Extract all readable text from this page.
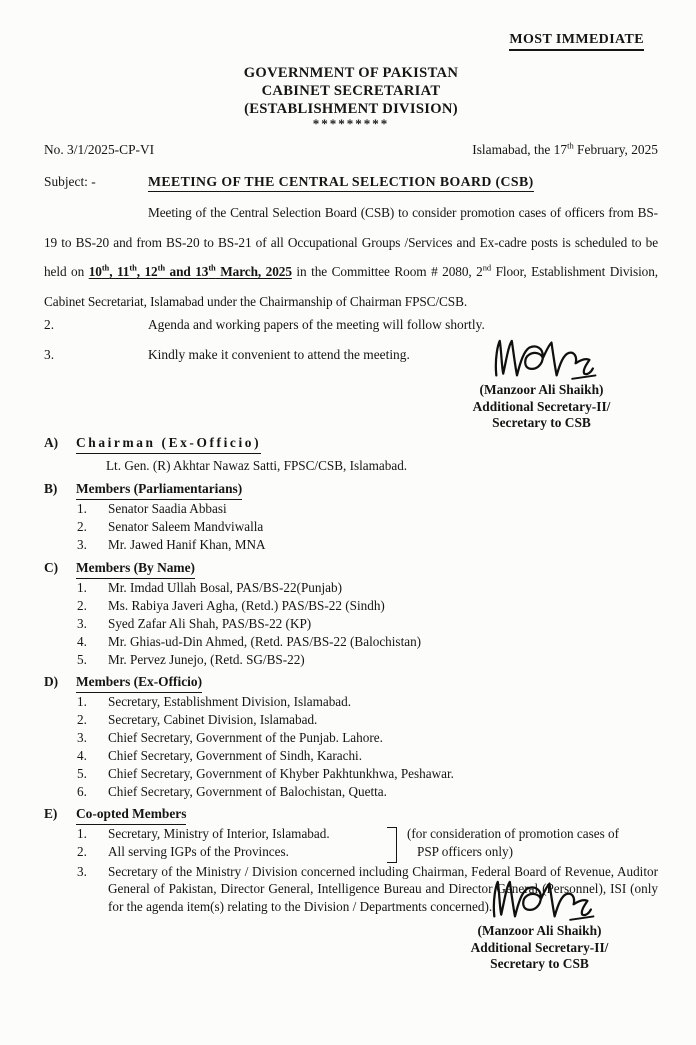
MOST IMMEDIATE
GOVERNMENT OF PAKISTAN
CABINET SECRETARIAT
(ESTABLISHMENT DIVISION)
*********
No. 3/1/2025-CP-VI	Islamabad, the 17th February, 2025
Subject: -	MEETING OF THE CENTRAL SELECTION BOARD (CSB)

Meeting of the Central Selection Board (CSB) to consider promotion cases of officers from BS-19 to BS-20 and from BS-20 to BS-21 of all Occupational Groups /Services and Ex-cadre posts is scheduled to be held on 10th, 11th, 12th and 13th March, 2025 in the Committee Room # 2080, 2nd Floor, Establishment Division, Cabinet Secretariat, Islamabad under the Chairmanship of Chairman FPSC/CSB.

2.	Agenda and working papers of the meeting will follow shortly.
3.	Kindly make it convenient to attend the meeting.
(Manzoor Ali Shaikh)
Additional Secretary-II/
Secretary to CSB
A)	Chairman (Ex-Officio)
Lt. Gen. (R) Akhtar Nawaz Satti, FPSC/CSB, Islamabad.
B)	Members (Parliamentarians)
1.	Senator Saadia Abbasi
2.	Senator Saleem Mandviwalla
3.	Mr. Jawed Hanif Khan, MNA
C)	Members (By Name)
1.	Mr. Imdad Ullah Bosal, PAS/BS-22(Punjab)
2.	Ms. Rabiya Javeri Agha, (Retd.) PAS/BS-22 (Sindh)
3.	Syed Zafar Ali Shah, PAS/BS-22 (KP)
4.	Mr. Ghias-ud-Din Ahmed, (Retd. PAS/BS-22 (Balochistan)
5.	Mr. Pervez Junejo, (Retd. SG/BS-22)
D)	Members (Ex-Officio)
1.	Secretary, Establishment Division, Islamabad.
2.	Secretary, Cabinet Division, Islamabad.
3.	Chief Secretary, Government of the Punjab. Lahore.
4.	Chief Secretary, Government of Sindh, Karachi.
5.	Chief Secretary, Government of Khyber Pakhtunkhwa, Peshawar.
6.	Chief Secretary, Government of Balochistan, Quetta.
E)	Co-opted Members
1.	Secretary, Ministry of Interior, Islamabad.
2.	All serving IGPs of the Provinces.
(for consideration of promotion cases of
PSP officers only)
3.	Secretary of the Ministry / Division concerned including Chairman, Federal Board of Revenue, Auditor General of Pakistan, Director General, Intelligence Bureau and Director General (Personnel), ISI (only for the agenda item(s) relating to the Division / Departments concerned).
(Manzoor Ali Shaikh)
Additional Secretary-II/
Secretary to CSB
